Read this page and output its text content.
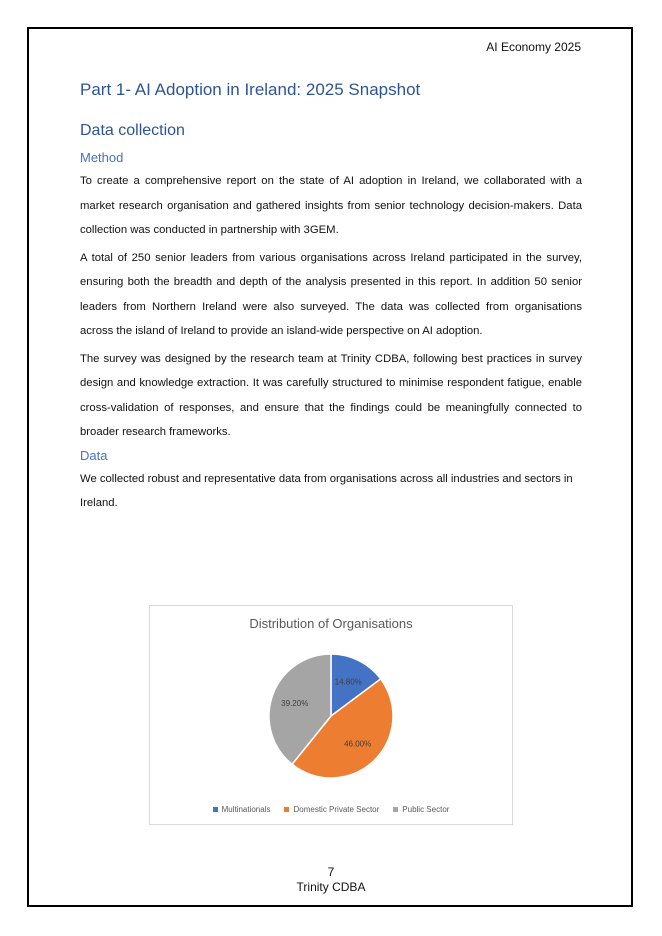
AI Economy 2025
Part 1- AI Adoption in Ireland: 2025 Snapshot
Data collection
Method

To create a comprehensive report on the state of AI adoption in Ireland, we collaborated with a market research organisation and gathered insights from senior technology decision-makers. Data collection was conducted in partnership with 3GEM.

A total of 250 senior leaders from various organisations across Ireland participated in the survey, ensuring both the breadth and depth of the analysis presented in this report. In addition 50 senior leaders from Northern Ireland were also surveyed. The data was collected from organisations across the island of Ireland to provide an island-wide perspective on AI adoption.

The survey was designed by the research team at Trinity CDBA, following best practices in survey design and knowledge extraction. It was carefully structured to minimise respondent fatigue, enable cross-validation of responses, and ensure that the findings could be meaningfully connected to broader research frameworks.

Data

We collected robust and representative data from organisations across all industries and sectors in Ireland.

Distribution of Organisations
14.80%
46.00%
39.20%
Multinationals	Domestic Private Sector	Public Sector
7
Trinity CDBA
